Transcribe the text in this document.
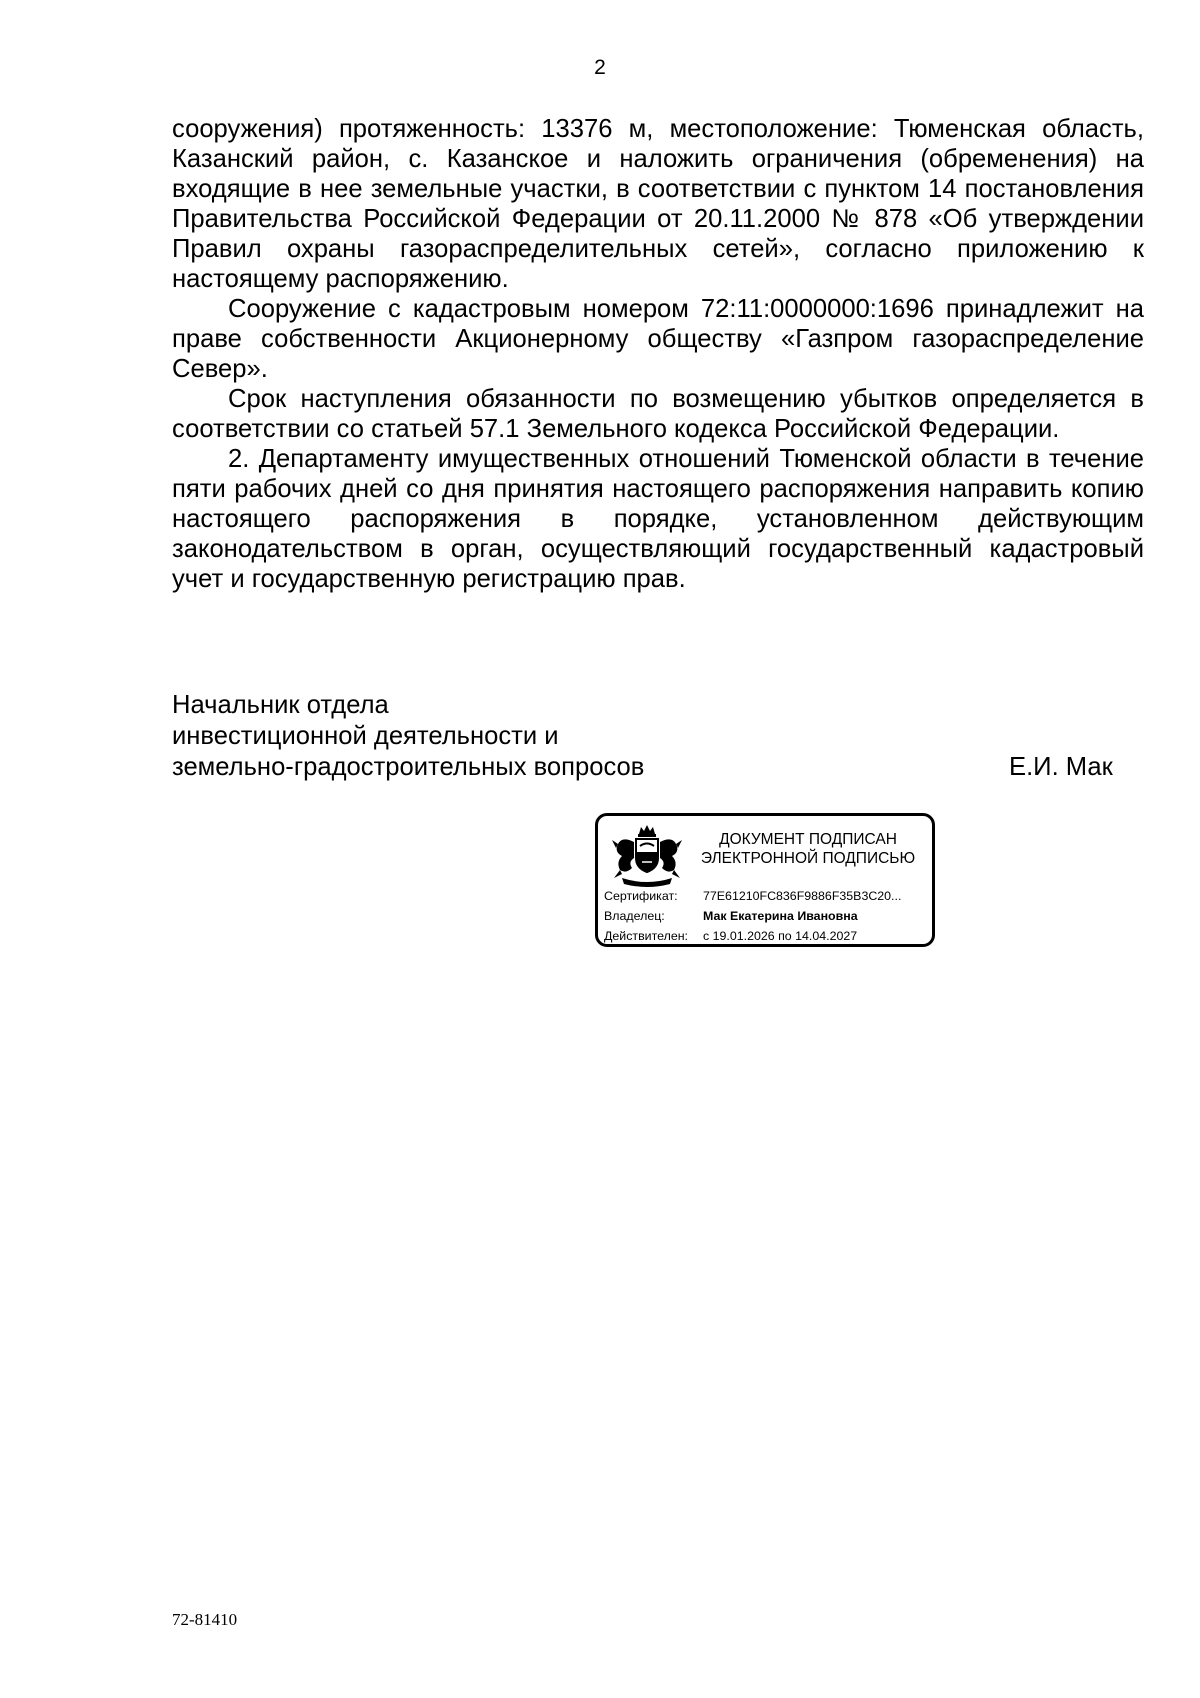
2

сооружения) протяженность: 13376 м, местоположение: Тюменская область, Казанский район, с. Казанское и наложить ограничения (обременения) на входящие в нее земельные участки, в соответствии с пунктом 14 постановления Правительства Российской Федерации от 20.11.2000 № 878 «Об утверждении Правил охраны газораспределительных сетей», согласно приложению к настоящему распоряжению.

Сооружение с кадастровым номером 72:11:0000000:1696 принадлежит на праве собственности Акционерному обществу «Газпром газораспределение Север».

Срок наступления обязанности по возмещению убытков определяется в соответствии со статьей 57.1 Земельного кодекса Российской Федерации.

2. Департаменту имущественных отношений Тюменской области в течение пяти рабочих дней со дня принятия настоящего распоряжения направить копию настоящего распоряжения в порядке, установленном действующим законодательством в орган, осуществляющий государственный кадастровый учет и государственную регистрацию прав.

Начальник отдела
инвестиционной деятельности и
земельно-градостроительных вопросов	Е.И. Мак
ДОКУМЕНТ ПОДПИСАН
ЭЛЕКТРОННОЙ ПОДПИСЬЮ
Сертификат:	77E61210FC836F9886F35B3C20...
Владелец:	Мак Екатерина Ивановна
Действителен:	с 19.01.2026 по 14.04.2027
72-81410
